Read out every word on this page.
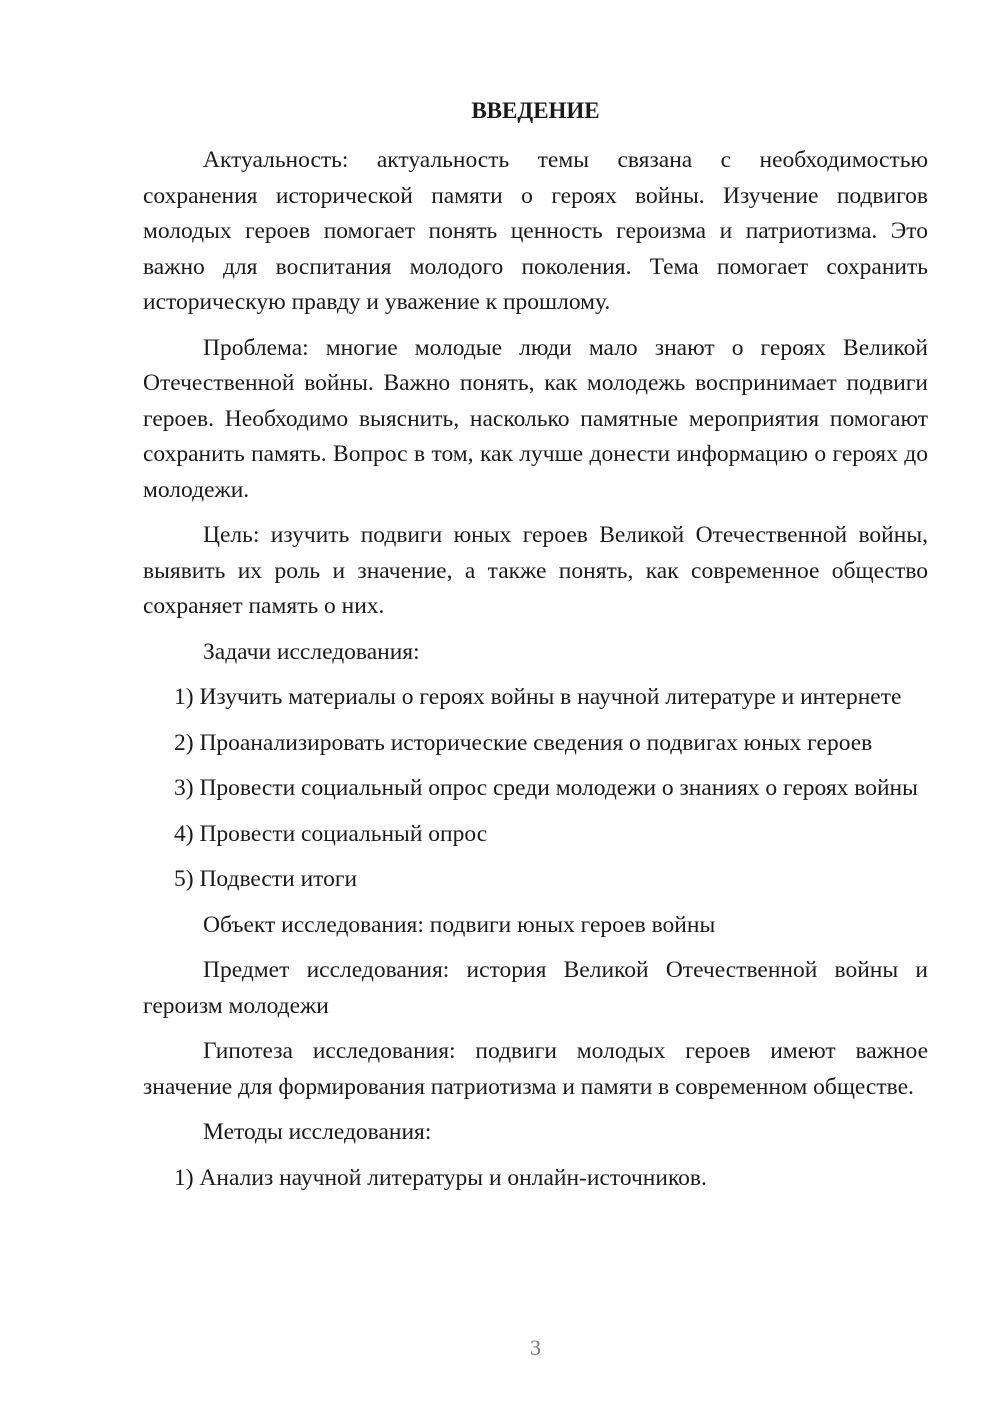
ВВЕДЕНИЕ

Актуальность: актуальность темы связана с необходимостью сохранения исторической памяти о героях войны. Изучение подвигов молодых героев помогает понять ценность героизма и патриотизма. Это важно для воспитания молодого поколения. Тема помогает сохранить историческую правду и уважение к прошлому.

Проблема: многие молодые люди мало знают о героях Великой Отечественной войны. Важно понять, как молодежь воспринимает подвиги героев. Необходимо выяснить, насколько памятные мероприятия помогают сохранить память. Вопрос в том, как лучше донести информацию о героях до молодежи.

Цель: изучить подвиги юных героев Великой Отечественной войны, выявить их роль и значение, а также понять, как современное общество сохраняет память о них.

Задачи исследования:

1) Изучить материалы о героях войны в научной литературе и интернете

2) Проанализировать исторические сведения о подвигах юных героев

3) Провести социальный опрос среди молодежи о знаниях о героях войны

4) Провести социальный опрос

5) Подвести итоги

Объект исследования: подвиги юных героев войны

Предмет исследования: история Великой Отечественной войны и героизм молодежи

Гипотеза исследования: подвиги молодых героев имеют важное значение для формирования патриотизма и памяти в современном обществе.

Методы исследования:

1) Анализ научной литературы и онлайн-источников.

3
